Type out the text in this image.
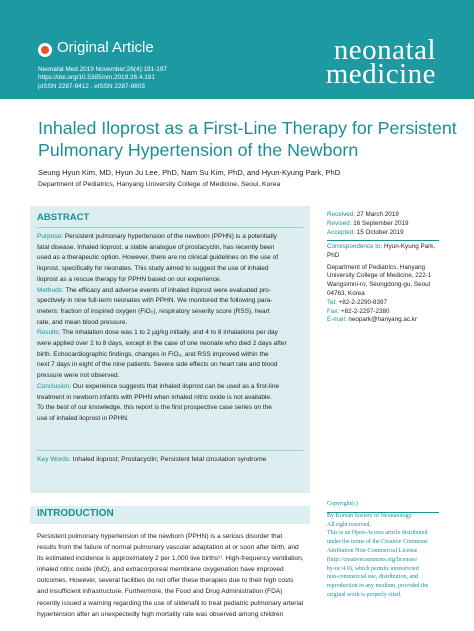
Original Article
Neonatal Med 2019 November;26(4):191-197
https://doi.org/10.5385/nm.2019.26.4.191
pISSN 2287-9412 . eISSN 2287-9803
neonatal
medicine
Inhaled Iloprost as a First-Line Therapy for Persistent
Pulmonary Hypertension of the Newborn
Seung Hyun Kim, MD, Hyun Ju Lee, PhD, Nam Su Kim, PhD, and Hyun-Kyung Park, PhD
Department of Pediatrics, Hanyang University College of Medicine, Seoul, Korea
ABSTRACT
Purpose: Persistent pulmonary hypertension of the newborn (PPHN) is a potentially
fatal disease. Inhaled iloprost, a stable analogue of prostacyclin, has recently been
used as a therapeutic option. However, there are no clinical guidelines on the use of
iloprost, specifically for neonates. This study aimed to suggest the use of inhaled
iloprost as a rescue therapy for PPHN based on our experience.
Methods: The efficacy and adverse events of inhaled iloprost were evaluated pro-
spectively in nine full-term neonates with PPHN. We monitored the following para-
meters: fraction of inspired oxygen (FiO₂), respiratory severity score (RSS), heart
rate, and mean blood pressure.
Results: The inhalation dose was 1 to 2 μg/kg initially, and 4 to 8 inhalations per day
were applied over 2 to 8 days, except in the case of one neonate who died 2 days after
birth. Echocardiographic findings, changes in FiO₂, and RSS improved within the
next 7 days in eight of the nine patients. Severe side effects on heart rate and blood
pressure were not observed.
Conclusion: Our experience suggests that inhaled iloprost can be used as a first-line
treatment in newborn infants with PPHN when inhaled nitric oxide is not available.
To the best of our knowledge, this report is the first prospective case series on the
use of inhaled iloprost in PPHN.
Key Words: Inhaled iloprost; Prostacyclin; Persistent fetal circulation syndrome
Received: 27 March 2019
Revised: 16 September 2019
Accepted: 15 October 2019
Correspondence to: Hyun-Kyung Park,
PhD
Department of Pediatrics, Hanyang
University College of Medicine, 222-1
Wangsimni-ro, Seongdong-gu, Seoul
04763, Korea
Tel: +82-2-2290-8397
Fax: +82-2-2297-2380
E-mail: neopark@hanyang.ac.kr
INTRODUCTION
Persistent pulmonary hypertension of the newborn (PPHN) is a serious disorder that
results from the failure of normal pulmonary vascular adaptation at or soon after birth, and
its estimated incidence is approximately 2 per 1,000 live births¹⁾. High-frequency ventilation,
inhaled nitric oxide (iNO), and extracorporeal membrane oxygenation have improved
outcomes. However, several facilities do not offer these therapies due to their high costs
and insufficient infrastructure. Furthermore, the Food and Drug Administration (FDA)
recently issued a warning regarding the use of sildenafil to treat pediatric pulmonary arterial
hypertension after an unexpectedly high mortality rate was observed among children
Copyright(c)
By Korean Society of Neonatology.
All right reserved.
This is an Open-Access article distributed
under the terms of the Creative Commons
Attribution Non-Commercial License
(http://creativecommons.org/licenses/
by-nc/4.0), which permits unrestricted
non-commercial use, distribution, and
reproduction in any medium, provided the
original work is properly cited.
